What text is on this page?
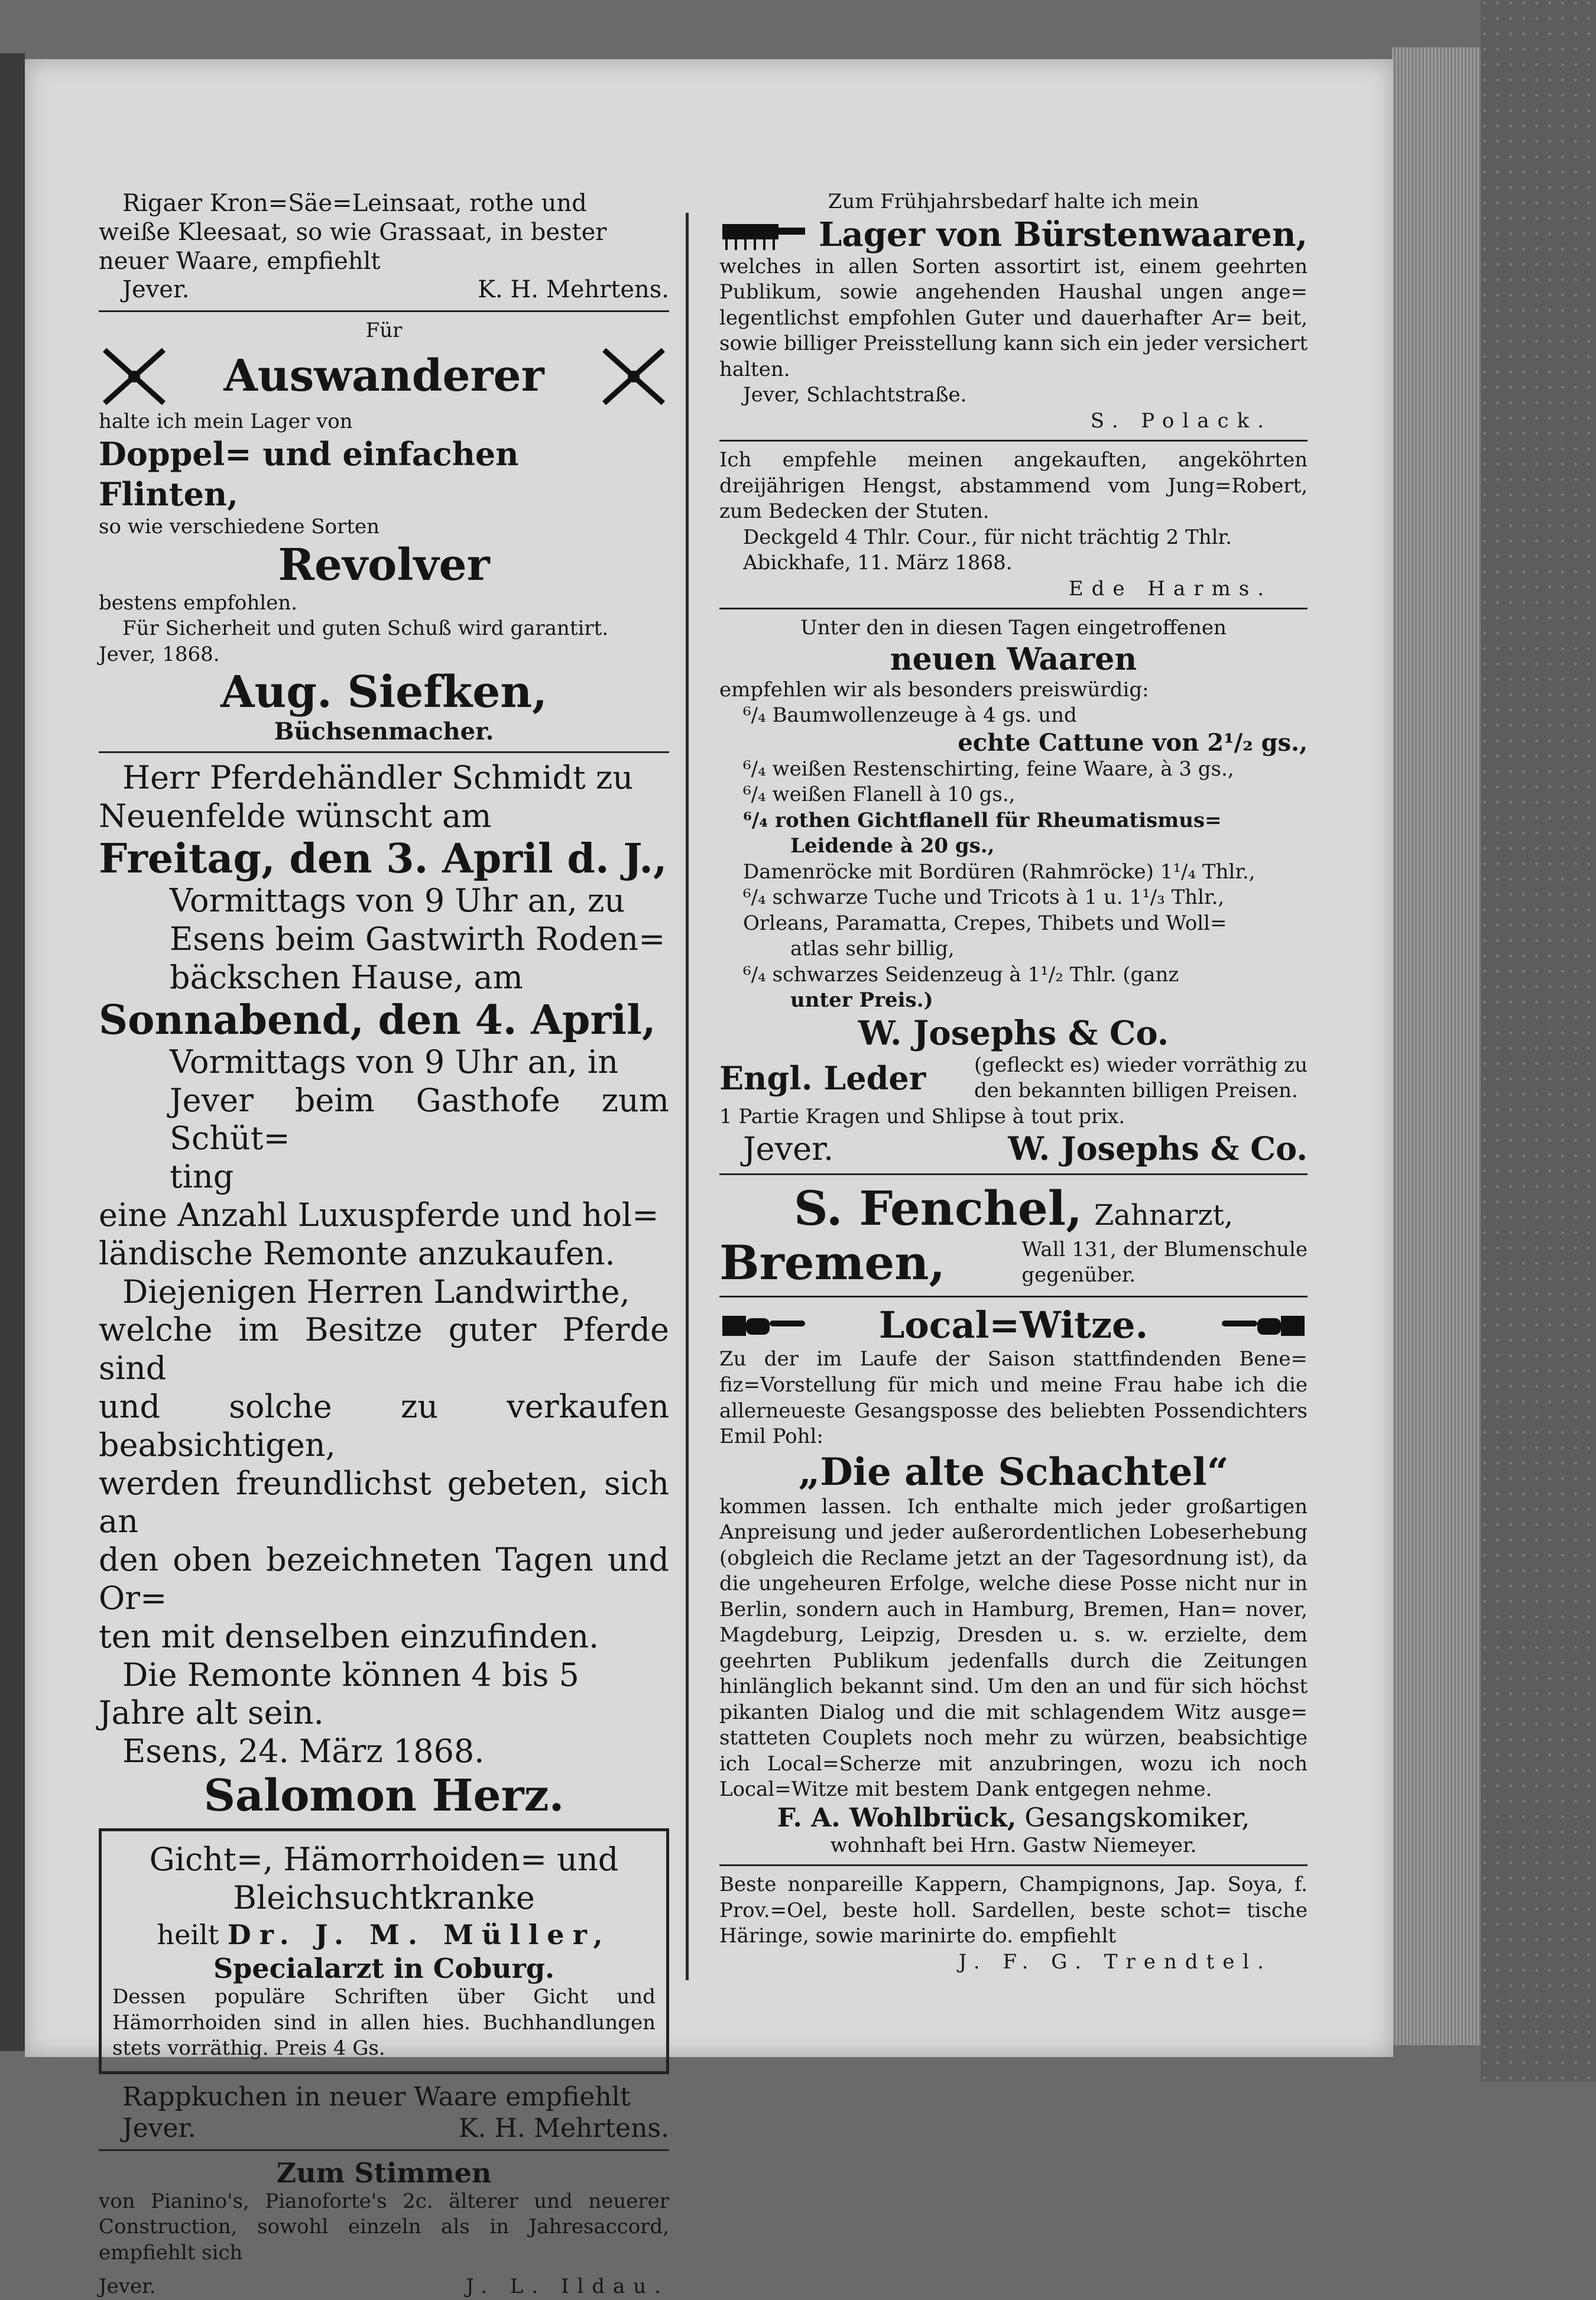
Rigaer Kron=Säe=Leinsaat, rothe und
weiße Kleesaat, so wie Grassaat, in bester
neuer Waare, empfiehlt
Jever.	K. H. Mehrtens.
Für
Auswanderer
halte ich mein Lager von
Doppel= und einfachen Flinten,
so wie verschiedene Sorten
Revolver
bestens empfohlen.
Für Sicherheit und guten Schuß wird garantirt.
Jever, 1868.
Aug. Siefken,
Büchsenmacher.
Herr Pferdehändler Schmidt zu
Neuenfelde wünscht am
Freitag, den 3. April d. J.,
Vormittags von 9 Uhr an, zu
Esens beim Gastwirth Roden=
bäckschen Hause, am
Sonnabend, den 4. April,
Vormittags von 9 Uhr an, in
Jever beim Gasthofe zum Schüt=
ting
eine Anzahl Luxuspferde und hol=
ländische Remonte anzukaufen.
Diejenigen Herren Landwirthe,
welche im Besitze guter Pferde sind
und solche zu verkaufen beabsichtigen,
werden freundlichst gebeten, sich an
den oben bezeichneten Tagen und Or=
ten mit denselben einzufinden.
Die Remonte können 4 bis 5
Jahre alt sein.
Esens, 24. März 1868.
Salomon Herz.
Gicht=, Hämorrhoiden= und
Bleichsuchtkranke
heilt Dr. J. M. Müller,
Specialarzt in Coburg.
Dessen populäre Schriften über Gicht und Hämorrhoiden sind in allen hies. Buchhandlungen stets vorräthig. Preis 4 Gs.
Rappkuchen in neuer Waare empfiehlt
Jever.	K. H. Mehrtens.
Zum Stimmen
von Pianino's, Pianoforte's 2c. älterer und neuerer Construction, sowohl einzeln als in Jahresaccord, empfiehlt sich
Jever.	J. L. Ildau.
Zum Frühjahrsbedarf halte ich mein
Lager von Bürstenwaaren,
welches in allen Sorten assortirt ist, einem geehrten Publikum, sowie angehenden Haushal ungen ange= legentlichst empfohlen Guter und dauerhafter Ar= beit, sowie billiger Preisstellung kann sich ein jeder versichert halten.
Jever, Schlachtstraße.
S. Polack.
Ich empfehle meinen angekauften, angeköhrten dreijährigen Hengst, abstammend vom Jung=Robert, zum Bedecken der Stuten.
Deckgeld 4 Thlr. Cour., für nicht trächtig 2 Thlr.
Abickhafe, 11. März 1868.
Ede Harms.
Unter den in diesen Tagen eingetroffenen
neuen Waaren
empfehlen wir als besonders preiswürdig:
⁶/₄ Baumwollenzeuge à 4 gs. und
echte Cattune von 2¹/₂ gs.,
⁶/₄ weißen Restenschirting, feine Waare, à 3 gs.,
⁶/₄ weißen Flanell à 10 gs.,
⁶/₄ rothen Gichtflanell für Rheumatismus=
Leidende à 20 gs.,
Damenröcke mit Bordüren (Rahmröcke) 1¹/₄ Thlr.,
⁶/₄ schwarze Tuche und Tricots à 1 u. 1¹/₃ Thlr.,
Orleans, Paramatta, Crepes, Thibets und Woll=
atlas sehr billig,
⁶/₄ schwarzes Seidenzeug à 1¹/₂ Thlr. (ganz
unter Preis.)
W. Josephs & Co.
Engl. Leder (gefleckt es) wieder vorräthig zu
den bekannten billigen Preisen.
1 Partie Kragen und Shlipse à tout prix.
Jever.	W. Josephs & Co.
S. Fenchel, Zahnarzt,
Bremen,	Wall 131, der Blumenschule
gegenüber.
Local=Witze.
Zu der im Laufe der Saison stattfindenden Bene= fiz=Vorstellung für mich und meine Frau habe ich die allerneueste Gesangsposse des beliebten Possendichters Emil Pohl:
„Die alte Schachtel“
kommen lassen. Ich enthalte mich jeder großartigen Anpreisung und jeder außerordentlichen Lobeserhebung (obgleich die Reclame jetzt an der Tagesordnung ist), da die ungeheuren Erfolge, welche diese Posse nicht nur in Berlin, sondern auch in Hamburg, Bremen, Han= nover, Magdeburg, Leipzig, Dresden u. s. w. erzielte, dem geehrten Publikum jedenfalls durch die Zeitungen hinlänglich bekannt sind. Um den an und für sich höchst pikanten Dialog und die mit schlagendem Witz ausge= statteten Couplets noch mehr zu würzen, beabsichtige ich Local=Scherze mit anzubringen, wozu ich noch Local=Witze mit bestem Dank entgegen nehme.
F. A. Wohlbrück, Gesangskomiker,
wohnhaft bei Hrn. Gastw Niemeyer.
Beste nonpareille Kappern, Champignons, Jap. Soya, f. Prov.=Oel, beste holl. Sardellen, beste schot= tische Häringe, sowie marinirte do. empfiehlt
J. F. G. Trendtel.
